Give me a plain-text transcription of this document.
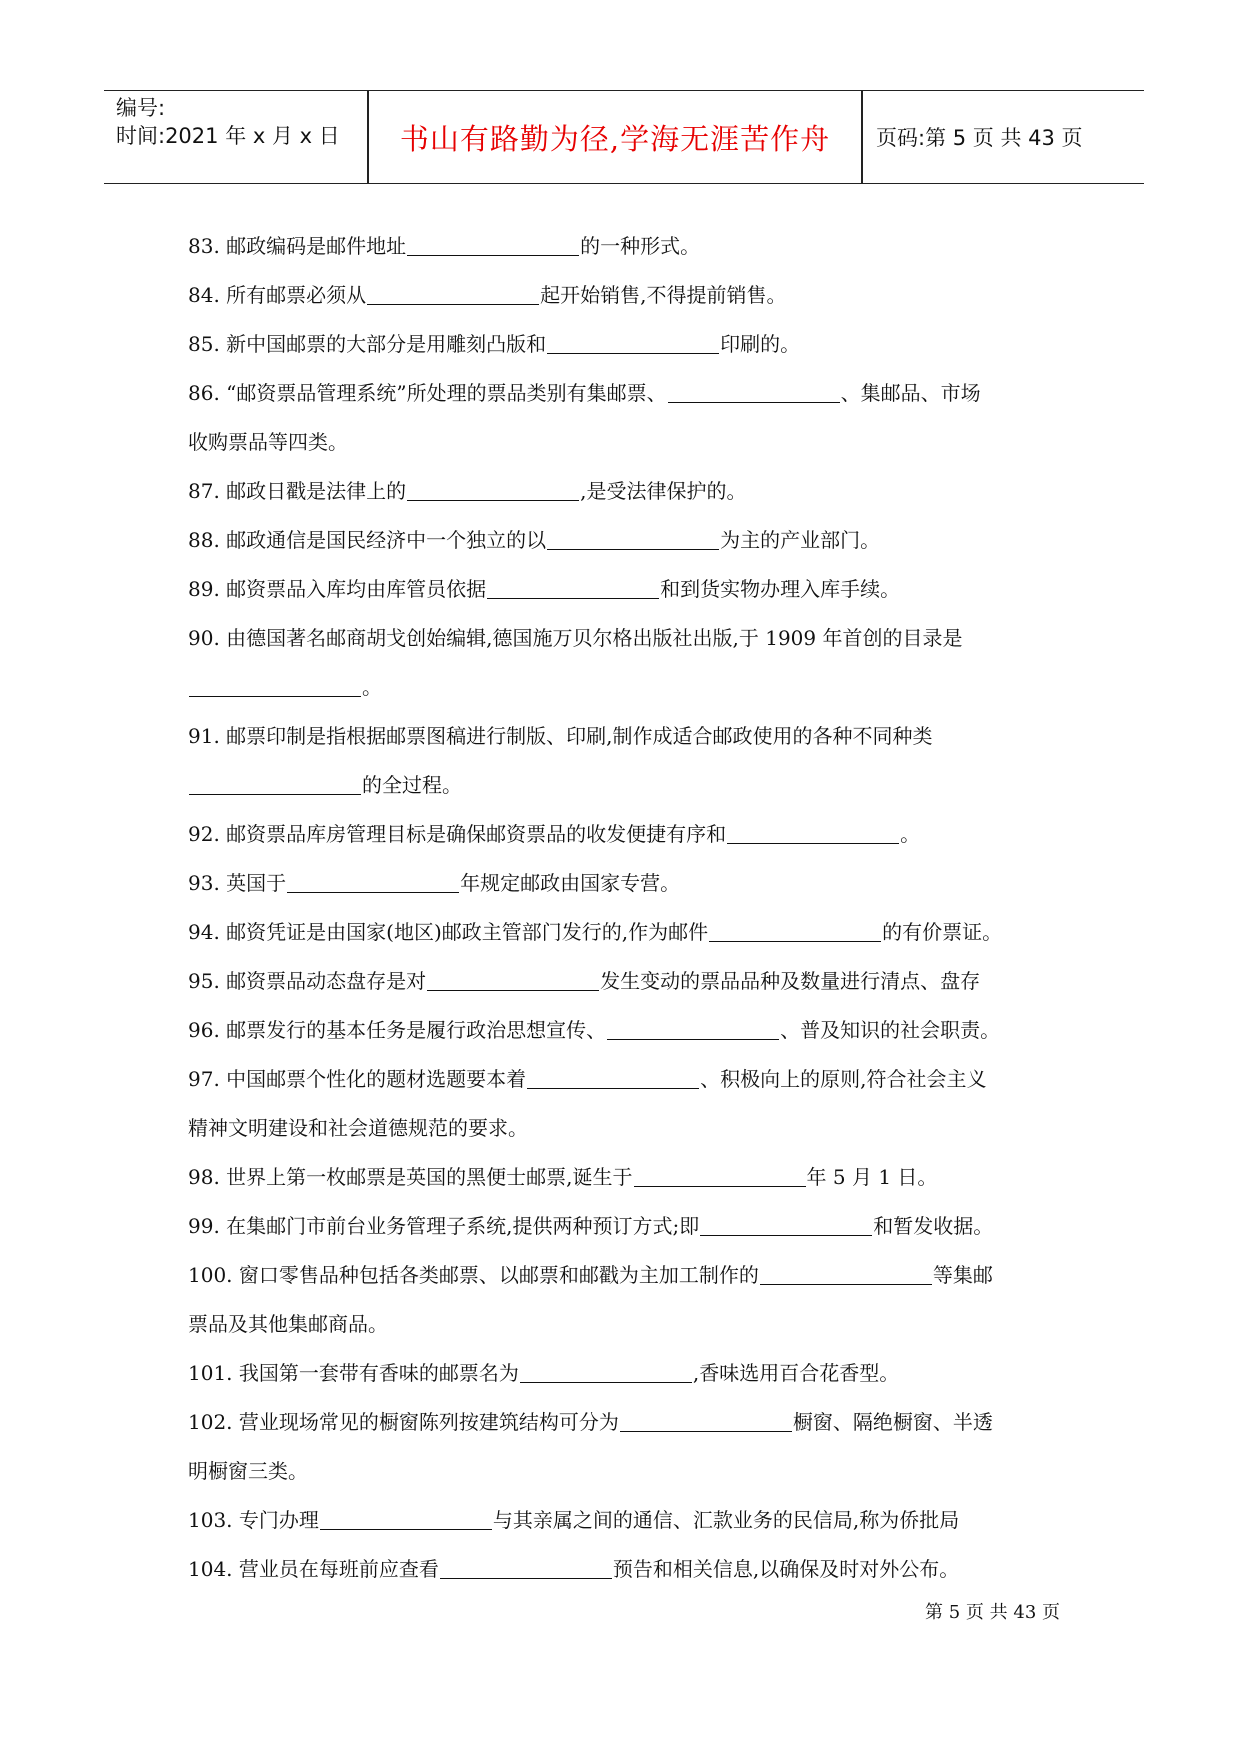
编号:
时间:2021 年 x 月 x 日	书山有路勤为径,学海无涯苦作舟 页码:第 5 页 共 43 页
83. 邮政编码是邮件地址	的一种形式。
84. 所有邮票必须从	起开始销售,不得提前销售。
85. 新中国邮票的大部分是用雕刻凸版和	印刷的。
86. “邮资票品管理系统”所处理的票品类别有集邮票、	、集邮品、市场
收购票品等四类。
87. 邮政日戳是法律上的	,是受法律保护的。
88. 邮政通信是国民经济中一个独立的以	为主的产业部门。
89. 邮资票品入库均由库管员依据	和到货实物办理入库手续。
90. 由德国著名邮商胡戈创始编辑,德国施万贝尔格出版社出版,于 1909 年首创的目录是
。
91. 邮票印制是指根据邮票图稿进行制版、印刷,制作成适合邮政使用的各种不同种类
的全过程。
92. 邮资票品库房管理目标是确保邮资票品的收发便捷有序和	。
93. 英国于	年规定邮政由国家专营。
94. 邮资凭证是由国家(地区)邮政主管部门发行的,作为邮件	的有价票证。
95. 邮资票品动态盘存是对	发生变动的票品品种及数量进行清点、盘存
96. 邮票发行的基本任务是履行政治思想宣传、	、普及知识的社会职责。
97. 中国邮票个性化的题材选题要本着	、积极向上的原则,符合社会主义
精神文明建设和社会道德规范的要求。
98. 世界上第一枚邮票是英国的黑便士邮票,诞生于	年 5 月 1 日。
99. 在集邮门市前台业务管理子系统,提供两种预订方式;即	和暂发收据。
100. 窗口零售品种包括各类邮票、以邮票和邮戳为主加工制作的	等集邮
票品及其他集邮商品。
101. 我国第一套带有香味的邮票名为	,香味选用百合花香型。
102. 营业现场常见的橱窗陈列按建筑结构可分为	橱窗、隔绝橱窗、半透
明橱窗三类。
103. 专门办理	与其亲属之间的通信、汇款业务的民信局,称为侨批局
104. 营业员在每班前应查看	预告和相关信息,以确保及时对外公布。
第 5 页 共 43 页
